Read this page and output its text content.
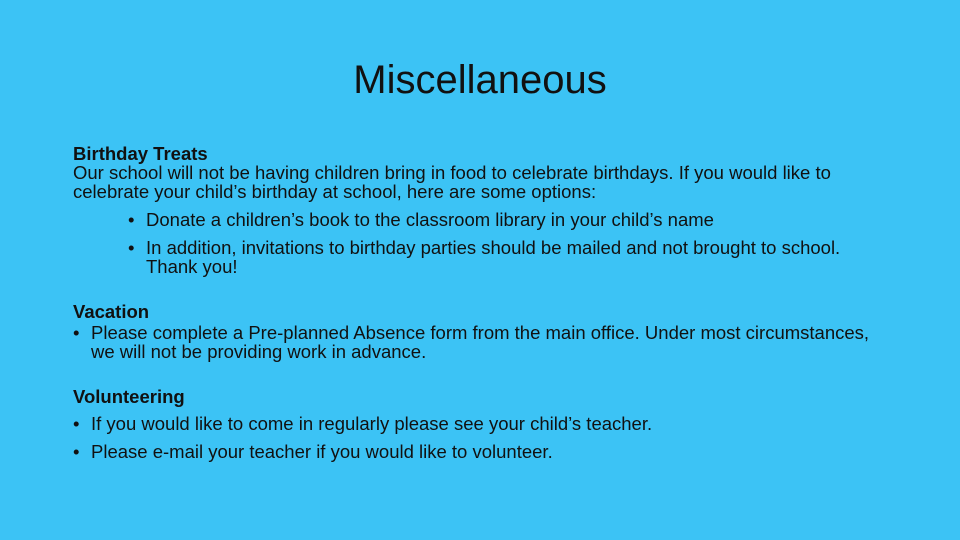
Miscellaneous

Birthday Treats

Our school will not be having children bring in food to celebrate birthdays. If you would like to celebrate your child’s birthday at school, here are some options:

• Donate a children’s book to the classroom library in your child’s name
• In addition, invitations to birthday parties should be mailed and not brought to school. Thank you!

Vacation

• Please complete a Pre-planned Absence form from the main office. Under most circumstances, we will not be providing work in advance.

Volunteering

• If you would like to come in regularly please see your child’s teacher.
• Please e-mail your teacher if you would like to volunteer.
